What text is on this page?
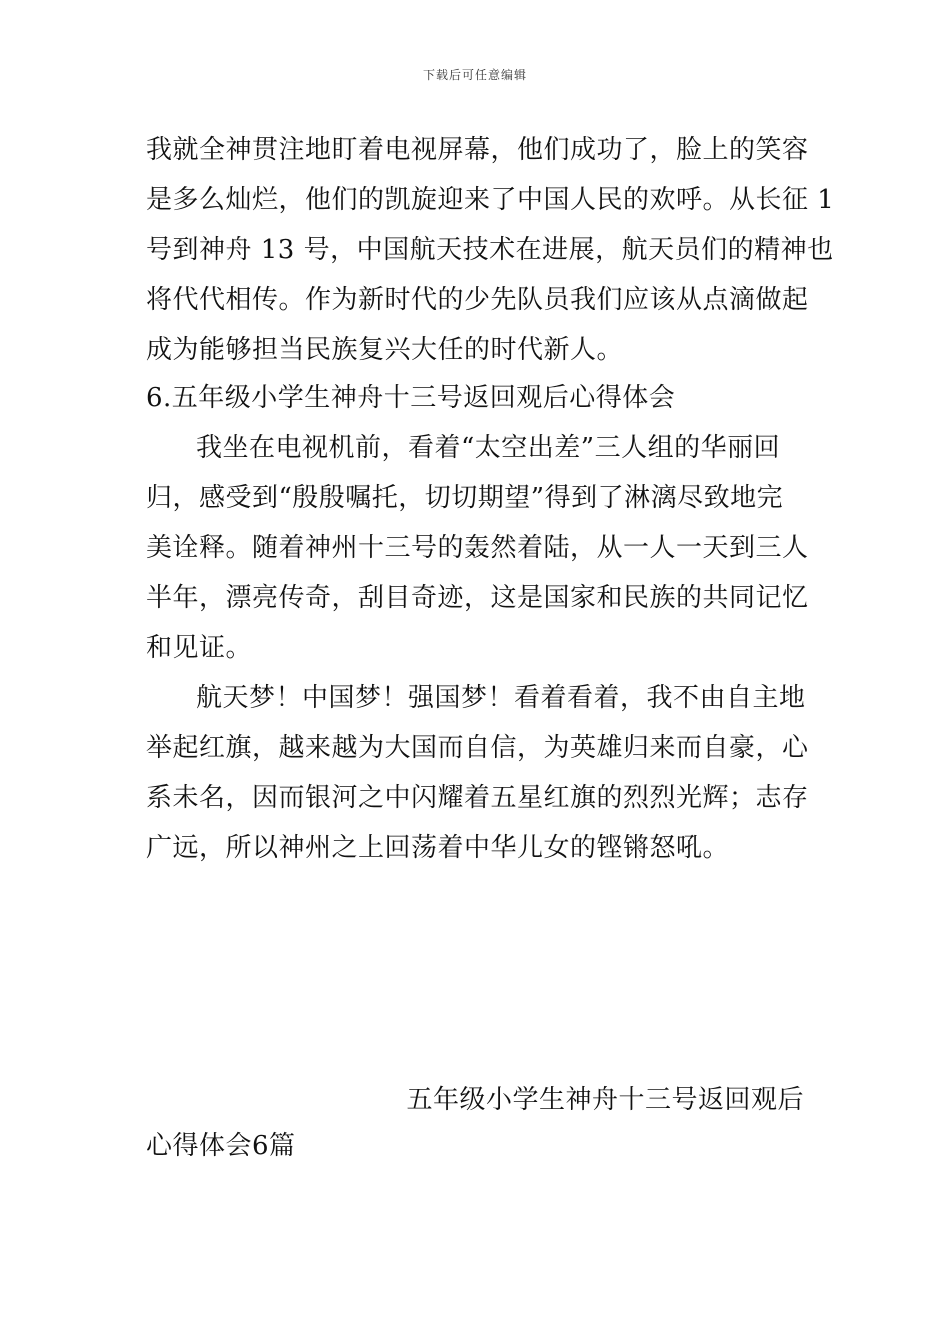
下载后可任意编辑
我就全神贯注地盯着电视屏幕，他们成功了，脸上的笑容
是多么灿烂，他们的凯旋迎来了中国人民的欢呼。从长征 1
号到神舟 13 号，中国航天技术在进展，航天员们的精神也
将代代相传。作为新时代的少先队员我们应该从点滴做起
成为能够担当民族复兴大任的时代新人。
6.五年级小学生神舟十三号返回观后心得体会
我坐在电视机前，看着“太空出差”三人组的华丽回
归，感受到“殷殷嘱托，切切期望”得到了淋漓尽致地完
美诠释。随着神州十三号的轰然着陆，从一人一天到三人
半年，漂亮传奇，刮目奇迹，这是国家和民族的共同记忆
和见证。
航天梦！中国梦！强国梦！看着看着，我不由自主地
举起红旗，越来越为大国而自信，为英雄归来而自豪，心
系未名，因而银河之中闪耀着五星红旗的烈烈光辉；志存
广远，所以神州之上回荡着中华儿女的铿锵怒吼。
五年级小学生神舟十三号返回观后
心得体会6篇
